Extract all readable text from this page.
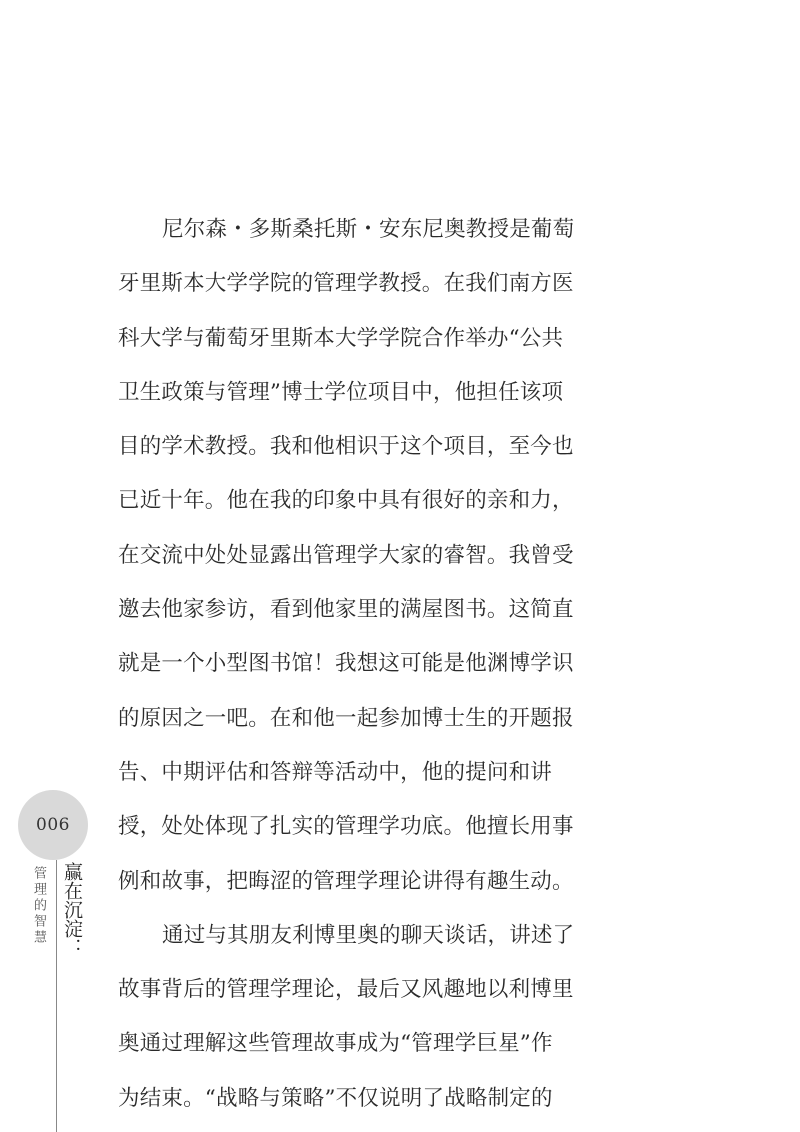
尼尔森・多斯桑托斯・安东尼奥教授是葡萄
牙里斯本大学学院的管理学教授。在我们南方医
科大学与葡萄牙里斯本大学学院合作举办“公共
卫生政策与管理”博士学位项目中，他担任该项
目的学术教授。我和他相识于这个项目，至今也
已近十年。他在我的印象中具有很好的亲和力，
在交流中处处显露出管理学大家的睿智。我曾受
邀去他家参访，看到他家里的满屋图书。这简直
就是一个小型图书馆！我想这可能是他渊博学识
的原因之一吧。在和他一起参加博士生的开题报
告、中期评估和答辩等活动中，他的提问和讲
授，处处体现了扎实的管理学功底。他擅长用事
例和故事，把晦涩的管理学理论讲得有趣生动。
通过与其朋友利博里奥的聊天谈话，讲述了
故事背后的管理学理论，最后又风趣地以利博里
奥通过理解这些管理故事成为“管理学巨星”作
为结束。“战略与策略”不仅说明了战略制定的
006
管理的智慧 赢在沉淀：
